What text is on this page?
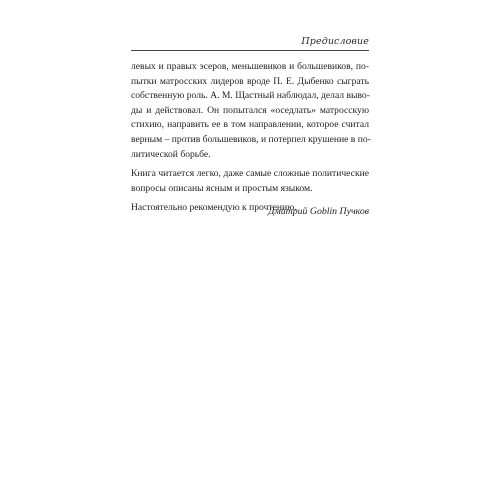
Предисловие

левых и правых эсеров, меньшевиков и большевиков, по-
пытки матросских лидеров вроде П. Е. Дыбенко сыграть
собственную роль. А. М. Щастный наблюдал, делал выво-
ды и действовал. Он попытался «оседлать» матросскую
стихию, направить ее в том направлении, которое считал
верным – против большевиков, и потерпел крушение в по-
литической борьбе.

Книга читается легко, даже самые сложные политические
вопросы описаны ясным и простым языком.

Настоятельно рекомендую к прочтению.

Дмитрий Goblin Пучков
